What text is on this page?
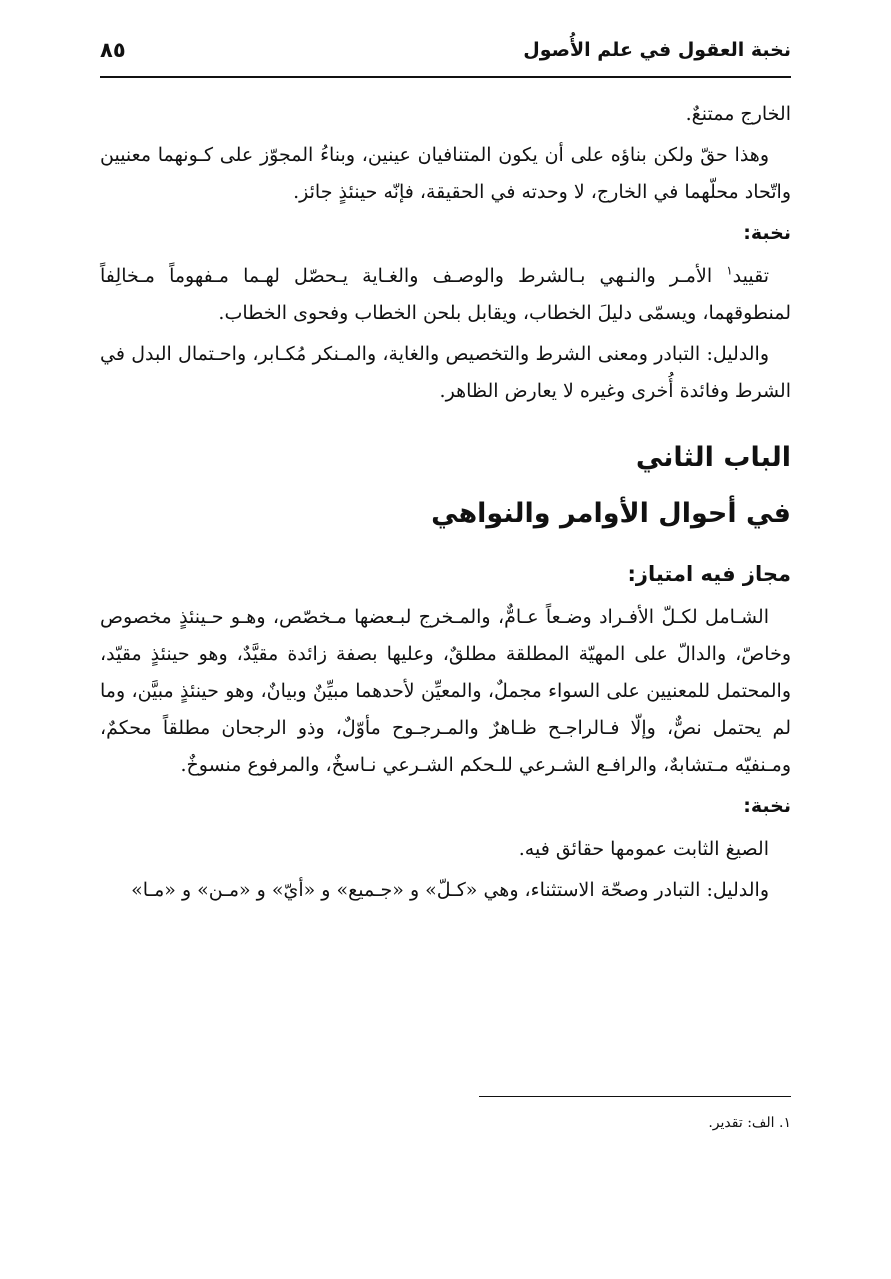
نخبة العقول في علم الأُصول
٨٥

الخارج ممتنعٌ.

وهذا حقّ ولكن بناؤه على أن يكون المتنافيان عينين، وبناءُ المجوّز على كـونهما معنيين واتّحاد محلّهما في الخارج، لا وحدته في الحقيقة، فإنّه حينئذٍ جائز.

نخبة:

تقييد$^١$ الأمـر والنـهي بـالشرط والوصـف والغـاية يـحصّل لهـما مـفهوماً مـخالِفاً لمنطوقهما، ويسمّى دليلَ الخطاب، ويقابل بلحن الخطاب وفحوى الخطاب.

والدليل: التبادر ومعنى الشرط والتخصيص والغاية، والمـنكر مُكـابر، واحـتمال البدل في الشرط وفائدة أُخرى وغيره لا يعارض الظاهر.

الباب الثاني
في أحوال الأوامر والنواهي
مجاز فيه امتياز:

الشـامل لكـلّ الأفـراد وضـعاً عـامٌّ، والمـخرج لبـعضها مـخصّص، وهـو حـينئذٍ مخصوص وخاصّ، والدالّ على المهيّة المطلقة مطلقٌ، وعليها بصفة زائدة مقيَّدٌ، وهو حينئذٍ مقيّد، والمحتمل للمعنيين على السواء مجملٌ، والمعيِّن لأحدهما مبيِّنٌ وبيانٌ، وهو حينئذٍ مبيَّن، وما لم يحتمل نصٌّ، وإلّا فـالراجـح ظـاهرٌ والمـرجـوح مأوّلٌ، وذو الرجحان مطلقاً محكمٌ، ومـنفيّه مـتشابهٌ، والرافـع الشـرعي للـحكم الشـرعي نـاسخٌ، والمرفوع منسوخٌ.

نخبة:

الصيغ الثابت عمومها حقائق فيه.

والدليل: التبادر وصحّة الاستثناء، وهي «كـلّ» و «جـميع» و «أيّ» و «مـن» و «مـا»

١. الف: تقدير.
